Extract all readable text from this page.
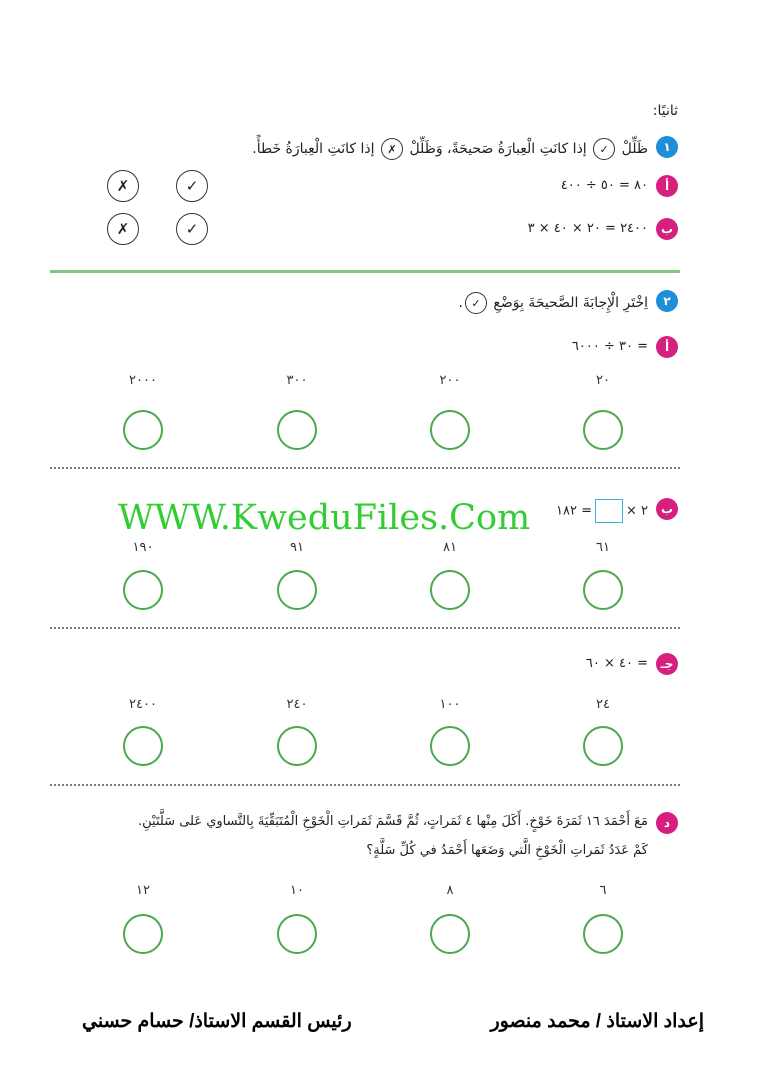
ثانيًا:
١
ظَلِّلْ ✓ إذا كانَتِ الْعِبارَةُ صَحيحَةً، وَظَلِّلْ ✗ إذا كانَتِ الْعِبارَةُ خَطأً.
أ
٨٠ = ٥٠ ÷ ٤٠٠
✓
✗
ب
٢٤٠٠ = ٢٠ × ٤٠ × ٣
✓
✗
٢
اِخْتَرِ الْإِجابَةَ الصَّحيحَةَ بِوَضْعِ ✓.
أ
= ٣٠ ÷ ٦٠٠٠
٢٠
٢٠٠
٣٠٠
٢٠٠٠
ب
٢ ×= ١٨٢
٦١
٨١
٩١
١٩٠
WWW.KweduFiles.Com
جـ
= ٤٠ × ٦٠
٢٤
١٠٠
٢٤٠
٢٤٠٠
د
مَعَ أَحْمَدَ ١٦ ثَمَرَةَ خَوْخٍ. أَكَلَ مِنْها ٤ ثَمَراتٍ، ثُمَّ قَسَّمَ ثَمَراتِ الْخَوْخِ الْمُتَبَقِّيَةَ بِالتَّساوي عَلى سَلَّتَيْنِ.
كَمْ عَدَدُ ثَمَراتِ الْخَوْخِ الَّتي وَضَعَها أَحْمَدُ في كُلِّ سَلَّةٍ؟
٦
٨
١٠
١٢
إعداد الاستاذ / محمد منصور
رئيس القسم الاستاذ/ حسام حسني
